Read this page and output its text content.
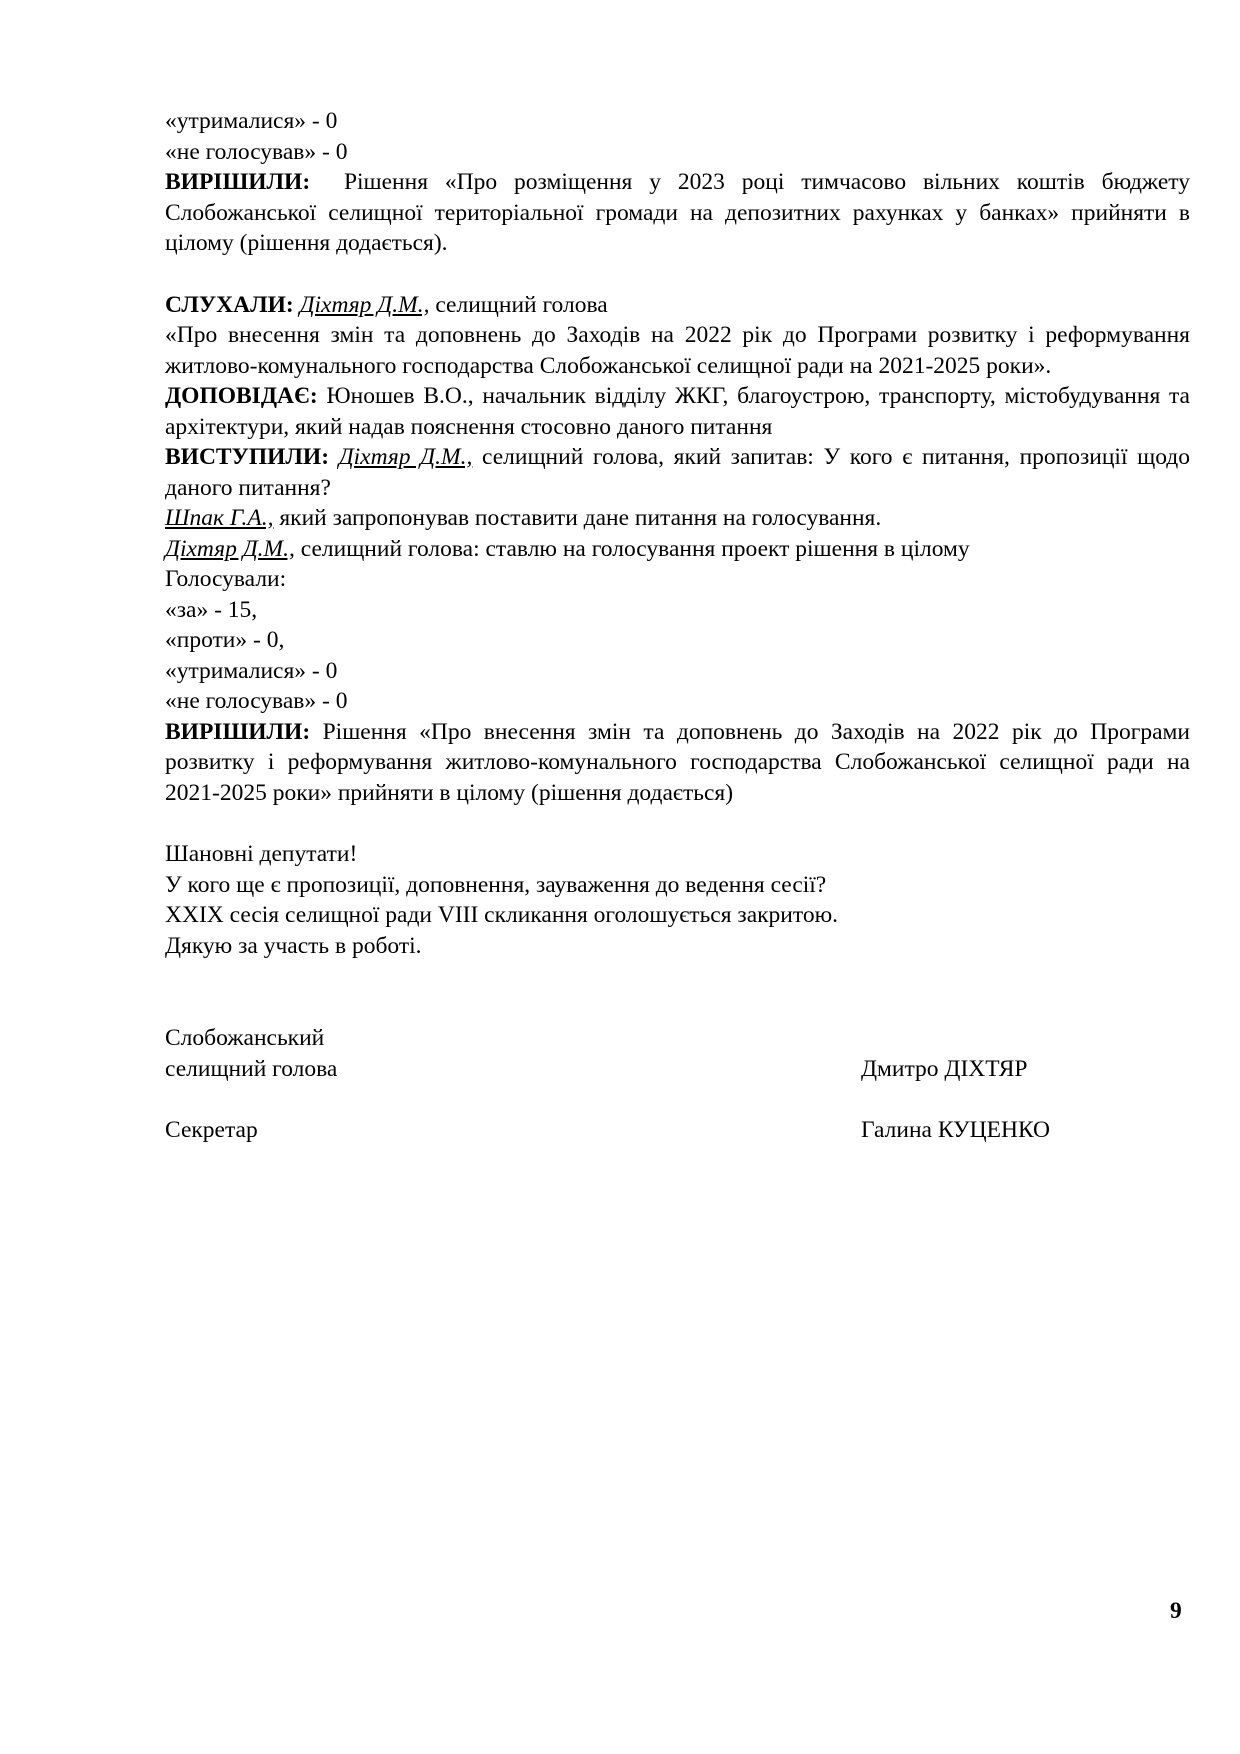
«утрималися» - 0
«не голосував» - 0
ВИРІШИЛИ: Рішення «Про розміщення у 2023 році тимчасово вільних коштів бюджету Слобожанської селищної територіальної громади на депозитних рахунках у банках» прийняти в цілому (рішення додається).
СЛУХАЛИ: Діхтяр Д.М., селищний голова
«Про внесення змін та доповнень до Заходів на 2022 рік до Програми розвитку і реформування житлово-комунального господарства Слобожанської селищної ради на 2021-2025 роки».
ДОПОВІДАЄ: Юношев В.О., начальник відділу ЖКГ, благоустрою, транспорту, містобудування та архітектури, який надав пояснення стосовно даного питання
ВИСТУПИЛИ: Діхтяр Д.М., селищний голова, який запитав: У кого є питання, пропозиції щодо даного питання?
Шпак Г.А., який запропонував поставити дане питання на голосування.
Діхтяр Д.М., селищний голова: ставлю на голосування проект рішення в цілому
Голосували:
«за» - 15,
«проти» - 0,
«утрималися» - 0
«не голосував» - 0
ВИРІШИЛИ: Рішення «Про внесення змін та доповнень до Заходів на 2022 рік до Програми розвитку і реформування житлово-комунального господарства Слобожанської селищної ради на 2021-2025 роки» прийняти в цілому (рішення додається)
Шановні депутати!
У кого ще є пропозиції, доповнення, зауваження до ведення сесії?
XXIX сесія селищної ради VIII скликання оголошується закритою.
Дякую за участь в роботі.
Слобожанський
селищний голова	Дмитро ДІХТЯР
Секретар	Галина КУЦЕНКО
9
